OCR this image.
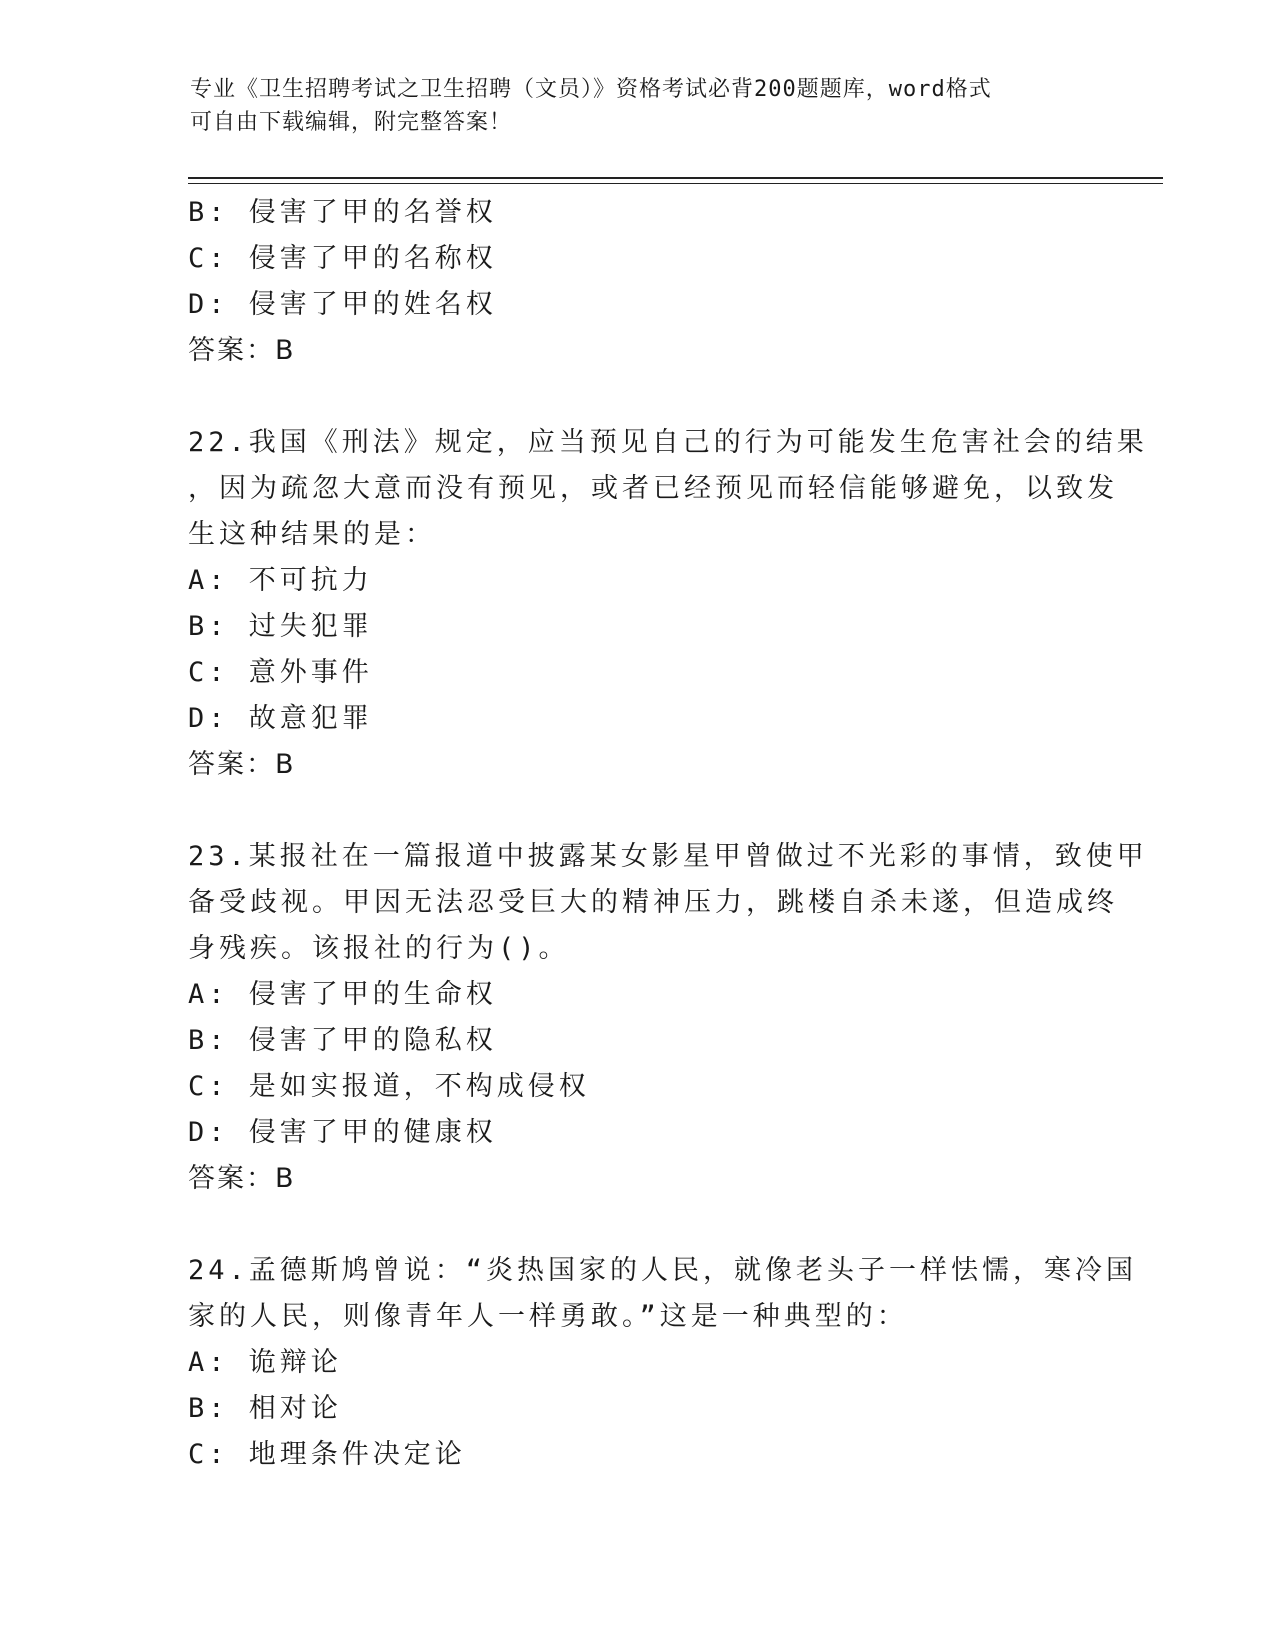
专业《卫生招聘考试之卫生招聘（文员）》资格考试必背200题题库，word格式
可自由下载编辑，附完整答案！
B: 侵害了甲的名誉权
C: 侵害了甲的名称权
D: 侵害了甲的姓名权
答案：B
22.我国《刑法》规定，应当预见自己的行为可能发生危害社会的结果
，因为疏忽大意而没有预见，或者已经预见而轻信能够避免，以致发
生这种结果的是：
A: 不可抗力
B: 过失犯罪
C: 意外事件
D: 故意犯罪
答案：B
23.某报社在一篇报道中披露某女影星甲曾做过不光彩的事情，致使甲
备受歧视。甲因无法忍受巨大的精神压力，跳楼自杀未遂，但造成终
身残疾。该报社的行为()。
A: 侵害了甲的生命权
B: 侵害了甲的隐私权
C: 是如实报道，不构成侵权
D: 侵害了甲的健康权
答案：B
24.孟德斯鸠曾说：“炎热国家的人民，就像老头子一样怯懦，寒冷国
家的人民，则像青年人一样勇敢。”这是一种典型的：
A: 诡辩论
B: 相对论
C: 地理条件决定论
